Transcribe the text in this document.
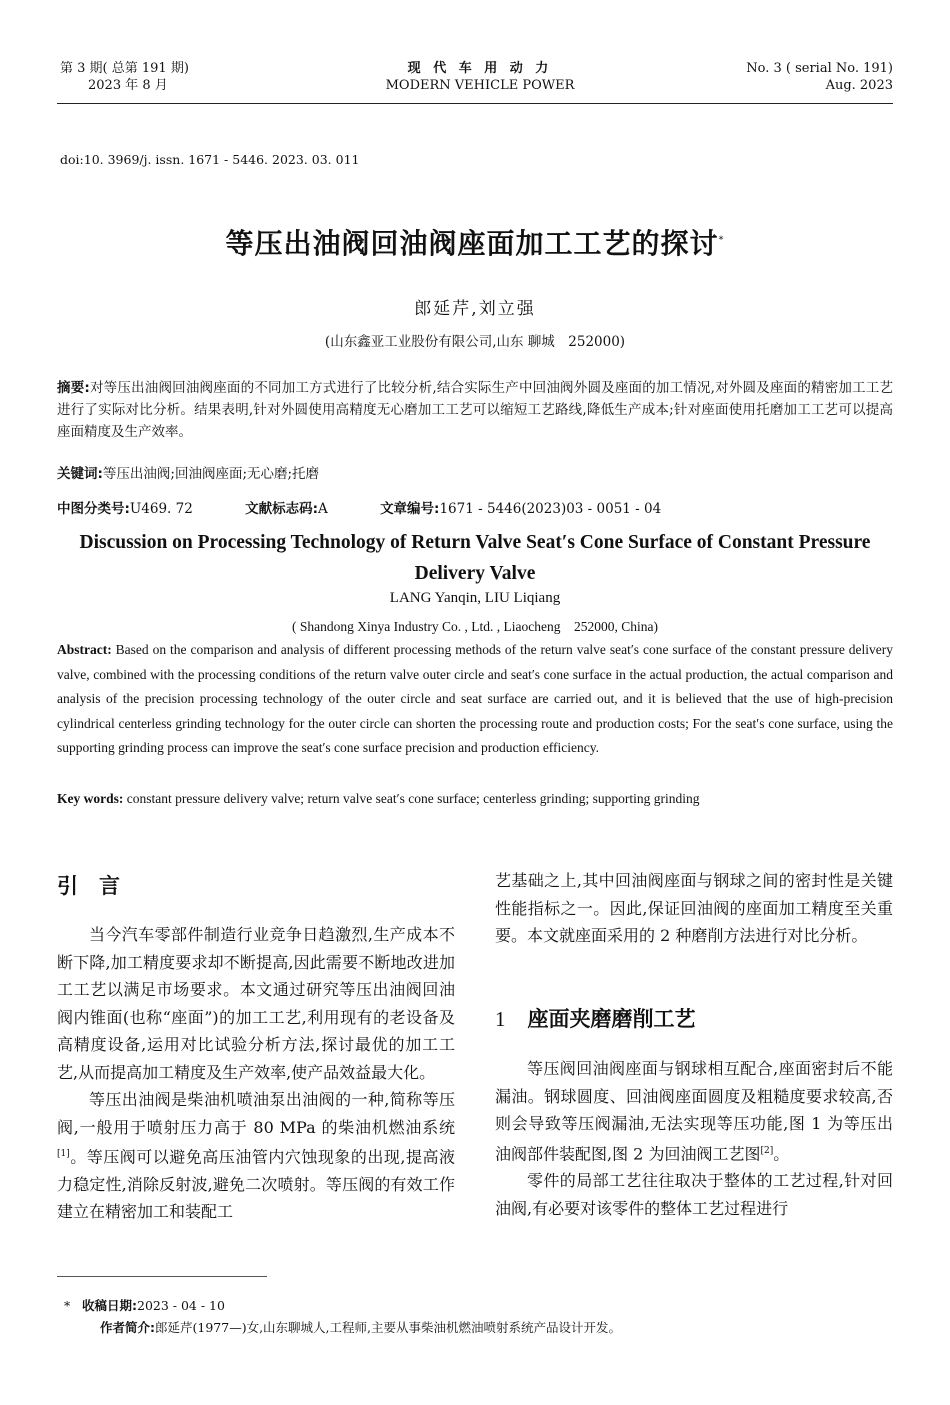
第 3 期( 总第 191 期)
2023 年 8 月
现 代 车 用 动 力
MODERN VEHICLE POWER
No. 3 ( serial No. 191)
Aug. 2023
doi:10. 3969/j. issn. 1671 - 5446. 2023. 03. 011
等压出油阀回油阀座面加工工艺的探讨*
郎延芹,刘立强
(山东鑫亚工业股份有限公司,山东 聊城　252000)
摘要:对等压出油阀回油阀座面的不同加工方式进行了比较分析,结合实际生产中回油阀外圆及座面的加工情况,对外圆及座面的精密加工工艺进行了实际对比分析。结果表明,针对外圆使用高精度无心磨加工工艺可以缩短工艺路线,降低生产成本;针对座面使用托磨加工工艺可以提高座面精度及生产效率。
关键词:等压出油阀;回油阀座面;无心磨;托磨
中图分类号:U469. 72	文献标志码:A	文章编号:1671 - 5446(2023)03 - 0051 - 04
Discussion on Processing Technology of Return Valve Seat′s Cone Surface of Constant Pressure Delivery Valve
LANG Yanqin, LIU Liqiang
( Shandong Xinya Industry Co. , Ltd. , Liaocheng　252000, China)
Abstract: Based on the comparison and analysis of different processing methods of the return valve seat′s cone surface of the constant pressure delivery valve, combined with the processing conditions of the return valve outer circle and seat′s cone surface in the actual production, the actual comparison and analysis of the precision processing technology of the outer circle and seat surface are carried out, and it is believed that the use of high-precision cylindrical centerless grinding technology for the outer circle can shorten the processing route and production costs; For the seat′s cone surface, using the supporting grinding process can improve the seat′s cone surface precision and production efficiency.
Key words: constant pressure delivery valve; return valve seat′s cone surface; centerless grinding; supporting grinding
引　言

当今汽车零部件制造行业竞争日趋激烈,生产成本不断下降,加工精度要求却不断提高,因此需要不断地改进加工工艺以满足市场要求。本文通过研究等压出油阀回油阀内锥面(也称“座面”)的加工工艺,利用现有的老设备及高精度设备,运用对比试验分析方法,探讨最优的加工工艺,从而提高加工精度及生产效率,使产品效益最大化。

等压出油阀是柴油机喷油泵出油阀的一种,简称等压阀,一般用于喷射压力高于 80 MPa 的柴油机燃油系统[1]。等压阀可以避免高压油管内穴蚀现象的出现,提高液力稳定性,消除反射波,避免二次喷射。等压阀的有效工作建立在精密加工和装配工

艺基础之上,其中回油阀座面与钢球之间的密封性是关键性能指标之一。因此,保证回油阀的座面加工精度至关重要。本文就座面采用的 2 种磨削方法进行对比分析。

1 座面夹磨磨削工艺

等压阀回油阀座面与钢球相互配合,座面密封后不能漏油。钢球圆度、回油阀座面圆度及粗糙度要求较高,否则会导致等压阀漏油,无法实现等压功能,图 1 为等压出油阀部件装配图,图 2 为回油阀工艺图[2]。

零件的局部工艺往往取决于整体的工艺过程,针对回油阀,有必要对该零件的整体工艺过程进行

* 收稿日期:2023 - 04 - 10
作者简介:郎延芹(1977—)女,山东聊城人,工程师,主要从事柴油机燃油喷射系统产品设计开发。
